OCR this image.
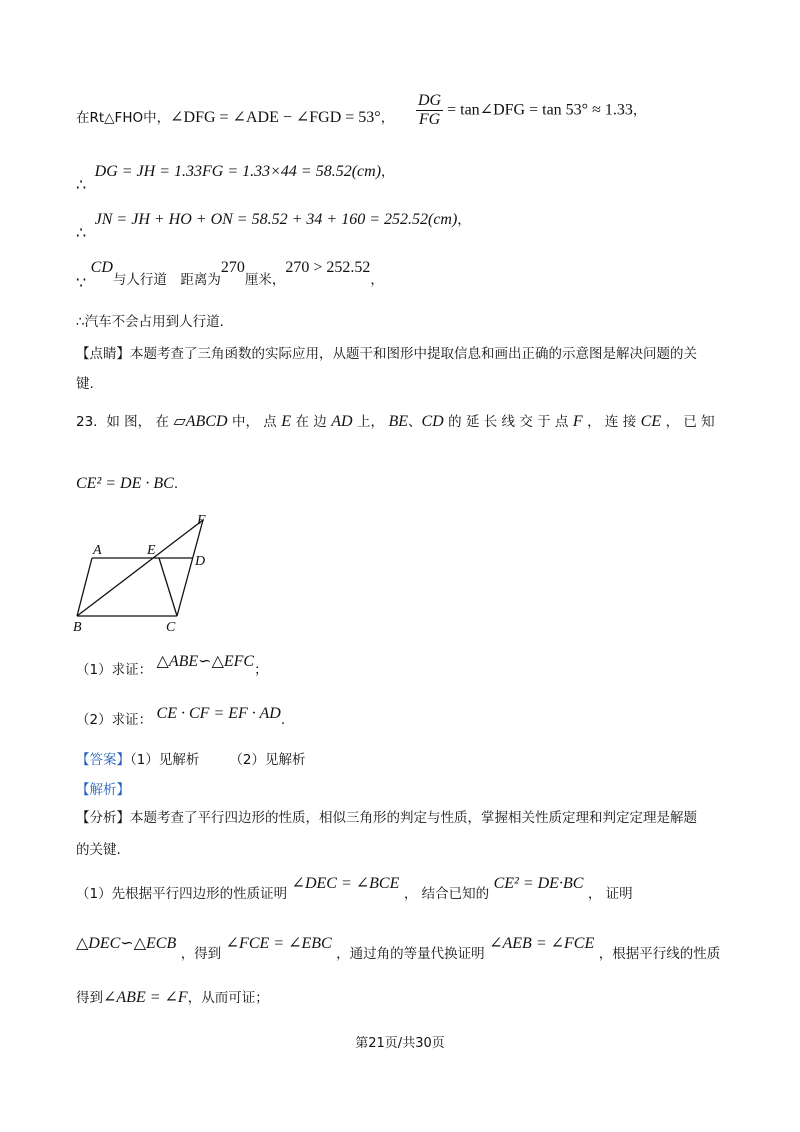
在Rt△FHO中，∠DFG = ∠ADE − ∠FGD = 53°， $\frac{DG}{FG}$ = tan∠DFG = tan 53° ≈ 1.33，
∴ DG = JH = 1.33FG = 1.33×44 = 58.52(cm)，
∴ JN = JH + HO + ON = 58.52 + 34 + 160 = 252.52(cm)，
∵ CD与人行道　距离为270厘米，270 > 252.52，
∴汽车不会占用到人行道.
【点睛】本题考查了三角函数的实际应用，从题干和图形中提取信息和画出正确的示意图是解决问题的关
键.
23. 如 图， 在 ▱ABCD 中， 点 E 在 边 AD 上， BE、CD 的 延 长 线 交 于 点 F ， 连 接 CE ， 已 知
CE² = DE · BC.
A	E
F
D
B	C
（1）求证： △ABE∽△EFC；
（2）求证： CE · CF = EF · AD.
【答案】（1）见解析 （2）见解析
【解析】
【分析】本题考查了平行四边形的性质，相似三角形的判定与性质，掌握相关性质定理和判定定理是解题
的关键.
（1）先根据平行四边形的性质证明 ∠DEC = ∠BCE ， 结合已知的 CE² = DE·BC ， 证明
△DEC∽△ECB ，得到 ∠FCE = ∠EBC ，通过角的等量代换证明 ∠AEB = ∠FCE ，根据平行线的性质
得到∠ABE = ∠F，从而可证；
第21页/共30页
